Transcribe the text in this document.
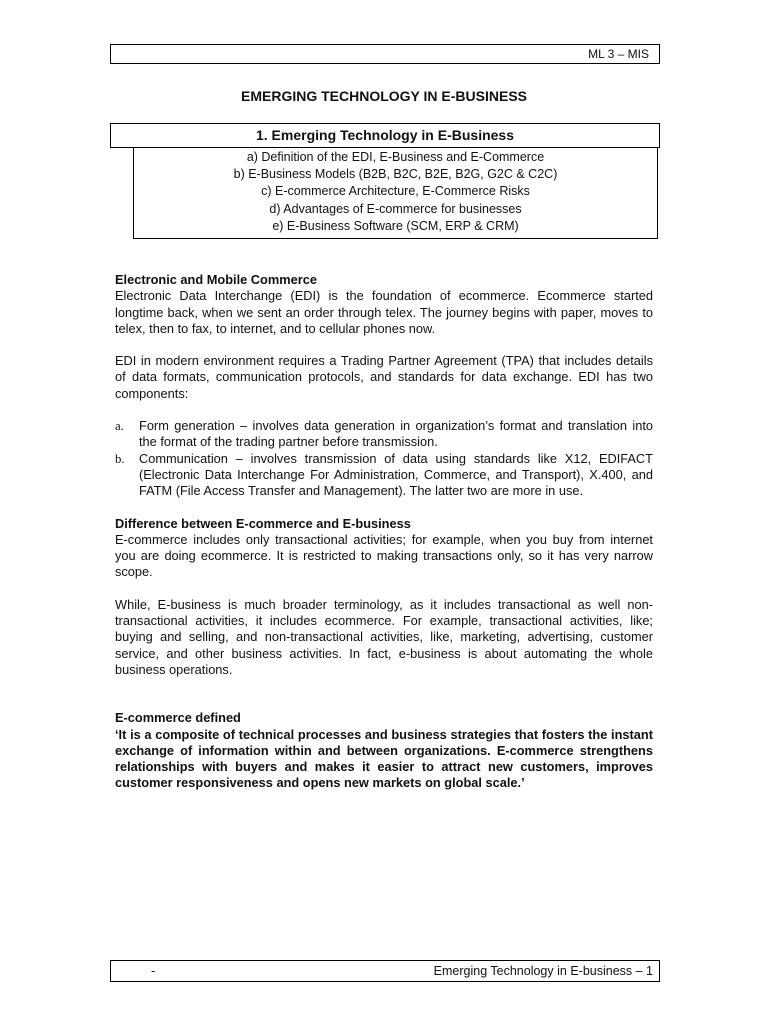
ML 3 – MIS
EMERGING TECHNOLOGY IN E-BUSINESS
1. Emerging Technology in E-Business
a) Definition of the EDI, E-Business and E-Commerce
b) E-Business Models (B2B, B2C, B2E, B2G, G2C & C2C)
c) E-commerce Architecture, E-Commerce Risks
d) Advantages of E-commerce for businesses
e) E-Business Software (SCM, ERP & CRM)

Electronic and Mobile Commerce

Electronic Data Interchange (EDI) is the foundation of ecommerce. Ecommerce started longtime back, when we sent an order through telex. The journey begins with paper, moves to telex, then to fax, to internet, and to cellular phones now.

EDI in modern environment requires a Trading Partner Agreement (TPA) that includes details of data formats, communication protocols, and standards for data exchange. EDI has two components:

a. Form generation – involves data generation in organization’s format and translation into the format of the trading partner before transmission.
b. Communication – involves transmission of data using standards like X12, EDIFACT (Electronic Data Interchange For Administration, Commerce, and Transport), X.400, and FATM (File Access Transfer and Management). The latter two are more in use.

Difference between E-commerce and E-business

E-commerce includes only transactional activities; for example, when you buy from internet you are doing ecommerce. It is restricted to making transactions only, so it has very narrow scope.

While, E-business is much broader terminology, as it includes transactional as well non-transactional activities, it includes ecommerce. For example, transactional activities, like; buying and selling, and non-transactional activities, like, marketing, advertising, customer service, and other business activities. In fact, e-business is about automating the whole business operations.

E-commerce defined

‘It is a composite of technical processes and business strategies that fosters the instant exchange of information within and between organizations. E-commerce strengthens relationships with buyers and makes it easier to attract new customers, improves customer responsiveness and opens new markets on global scale.’

-	Emerging Technology in E-business – 1
